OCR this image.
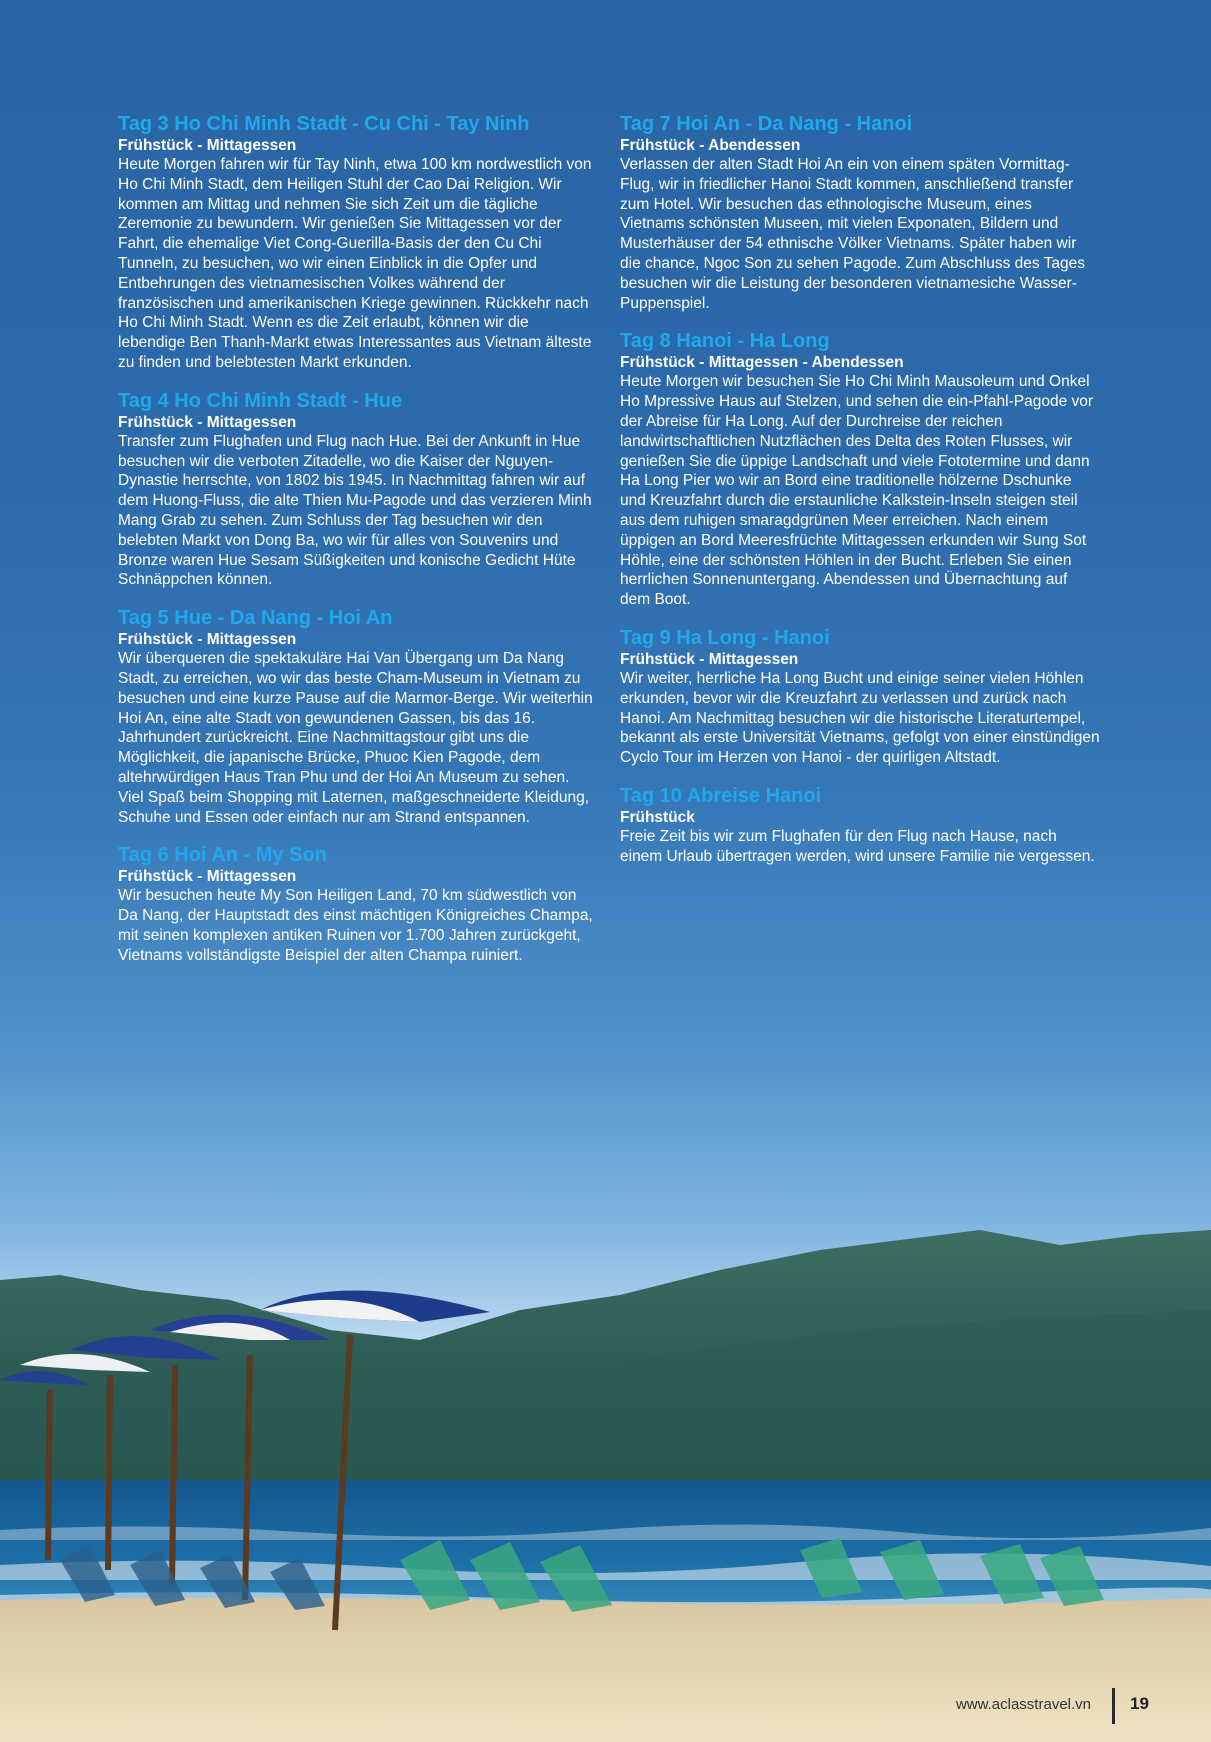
Tag 3 Ho Chi Minh Stadt - Cu Chi - Tay Ninh
Frühstück - Mittagessen

Heute Morgen fahren wir für Tay Ninh, etwa 100 km nordwestlich von Ho Chi Minh Stadt, dem Heiligen Stuhl der Cao Dai Religion. Wir kommen am Mittag und nehmen Sie sich Zeit um die tägliche Zeremonie zu bewundern. Wir genießen Sie Mittagessen vor der Fahrt, die ehemalige Viet Cong-Guerilla-Basis der den Cu Chi Tunneln, zu besuchen, wo wir einen Einblick in die Opfer und Entbehrungen des vietnamesischen Volkes während der französischen und amerikanischen Kriege gewinnen. Rückkehr nach Ho Chi Minh Stadt. Wenn es die Zeit erlaubt, können wir die lebendige Ben Thanh-Markt etwas Interessantes aus Vietnam älteste zu finden und belebtesten Markt erkunden.

Tag 4 Ho Chi Minh Stadt - Hue
Frühstück - Mittagessen

Transfer zum Flughafen und Flug nach Hue. Bei der Ankunft in Hue besuchen wir die verboten Zitadelle, wo die Kaiser der Nguyen-Dynastie herrschte, von 1802 bis 1945. In Nachmittag fahren wir auf dem Huong-Fluss, die alte Thien Mu-Pagode und das verzieren Minh Mang Grab zu sehen. Zum Schluss der Tag besuchen wir den belebten Markt von Dong Ba, wo wir für alles von Souvenirs und Bronze waren Hue Sesam Süßigkeiten und konische Gedicht Hüte Schnäppchen können.

Tag 5 Hue - Da Nang - Hoi An
Frühstück - Mittagessen

Wir überqueren die spektakuläre Hai Van Übergang um Da Nang Stadt, zu erreichen, wo wir das beste Cham-Museum in Vietnam zu besuchen und eine kurze Pause auf die Marmor-Berge. Wir weiterhin Hoi An, eine alte Stadt von gewundenen Gassen, bis das 16. Jahrhundert zurückreicht. Eine Nachmittagstour gibt uns die Möglichkeit, die japanische Brücke, Phuoc Kien Pagode, dem altehrwürdigen Haus Tran Phu und der Hoi An Museum zu sehen. Viel Spaß beim Shopping mit Laternen, maßgeschneiderte Kleidung, Schuhe und Essen oder einfach nur am Strand entspannen.

Tag 6 Hoi An - My Son
Frühstück - Mittagessen

Wir besuchen heute My Son Heiligen Land, 70 km südwestlich von Da Nang, der Hauptstadt des einst mächtigen Königreiches Champa, mit seinen komplexen antiken Ruinen vor 1.700 Jahren zurückgeht, Vietnams vollständigste Beispiel der alten Champa ruiniert.

Tag 7 Hoi An - Da Nang - Hanoi
Frühstück - Abendessen

Verlassen der alten Stadt Hoi An ein von einem späten Vormittag-Flug, wir in friedlicher Hanoi Stadt kommen, anschließend transfer zum Hotel. Wir besuchen das ethnologische Museum, eines Vietnams schönsten Museen, mit vielen Exponaten, Bildern und Musterhäuser der 54 ethnische Völker Vietnams. Später haben wir die chance, Ngoc Son zu sehen Pagode. Zum Abschluss des Tages besuchen wir die Leistung der besonderen vietnamesiche Wasser-Puppenspiel.

Tag 8 Hanoi - Ha Long
Frühstück - Mittagessen - Abendessen

Heute Morgen wir besuchen Sie Ho Chi Minh Mausoleum und Onkel Ho Mpressive Haus auf Stelzen, und sehen die ein-Pfahl-Pagode vor der Abreise für Ha Long. Auf der Durchreise der reichen landwirtschaftlichen Nutzflächen des Delta des Roten Flusses, wir genießen Sie die üppige Landschaft und viele Fototermine und dann Ha Long Pier wo wir an Bord eine traditionelle hölzerne Dschunke und Kreuzfahrt durch die erstaunliche Kalkstein-Inseln steigen steil aus dem ruhigen smaragdgrünen Meer erreichen. Nach einem üppigen an Bord Meeresfrüchte Mittagessen erkunden wir Sung Sot Höhle, eine der schönsten Höhlen in der Bucht. Erleben Sie einen herrlichen Sonnenuntergang. Abendessen und Übernachtung auf dem Boot.

Tag 9 Ha Long - Hanoi
Frühstück - Mittagessen

Wir weiter, herrliche Ha Long Bucht und einige seiner vielen Höhlen erkunden, bevor wir die Kreuzfahrt zu verlassen und zurück nach Hanoi. Am Nachmittag besuchen wir die historische Literaturtempel, bekannt als erste Universität Vietnams, gefolgt von einer einstündigen Cyclo Tour im Herzen von Hanoi - der quirligen Altstadt.

Tag 10 Abreise Hanoi
Frühstück

Freie Zeit bis wir zum Flughafen für den Flug nach Hause, nach einem Urlaub übertragen werden, wird unsere Familie nie vergessen.

www.aclasstravel.vn 19
